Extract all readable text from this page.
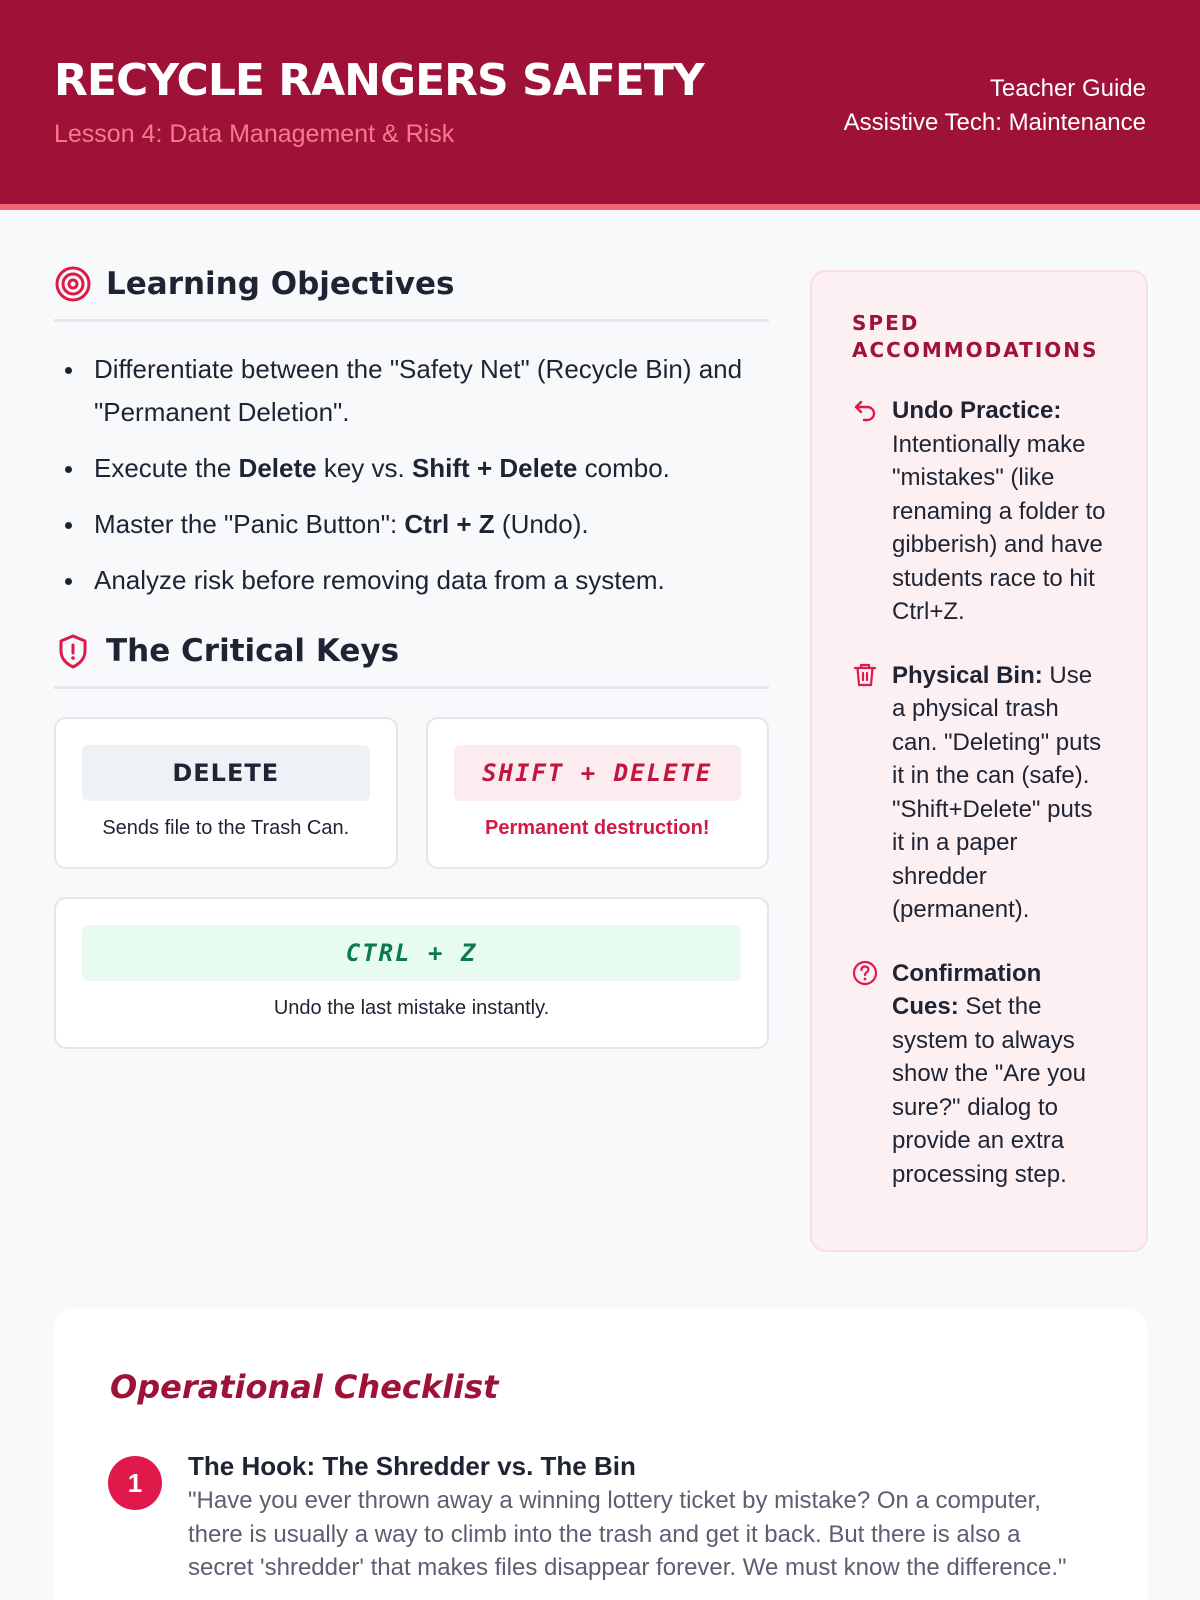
RECYCLE RANGERS SAFETY
Lesson 4: Data Management & Risk
Teacher Guide
Assistive Tech: Maintenance
Learning Objectives
Differentiate between the "Safety Net" (Recycle Bin) and "Permanent Deletion".
Execute the Delete key vs. Shift + Delete combo.
Master the "Panic Button": Ctrl + Z (Undo).
Analyze risk before removing data from a system.
The Critical Keys
DELETE
Sends file to the Trash Can.
SHIFT + DELETE
Permanent destruction!
CTRL + Z
Undo the last mistake instantly.
SPED
ACCOMMODATIONS
Undo Practice: Intentionally make "mistakes" (like renaming a folder to gibberish) and have students race to hit Ctrl+Z.
Physical Bin: Use a physical trash can. "Deleting" puts it in the can (safe). "Shift+Delete" puts it in a paper shredder (permanent).
Confirmation Cues: Set the system to always show the "Are you sure?" dialog to provide an extra processing step.
Operational Checklist
1
The Hook: The Shredder vs. The Bin
"Have you ever thrown away a winning lottery ticket by mistake? On a computer, there is usually a way to climb into the trash and get it back. But there is also a secret 'shredder' that makes files disappear forever. We must know the difference."
